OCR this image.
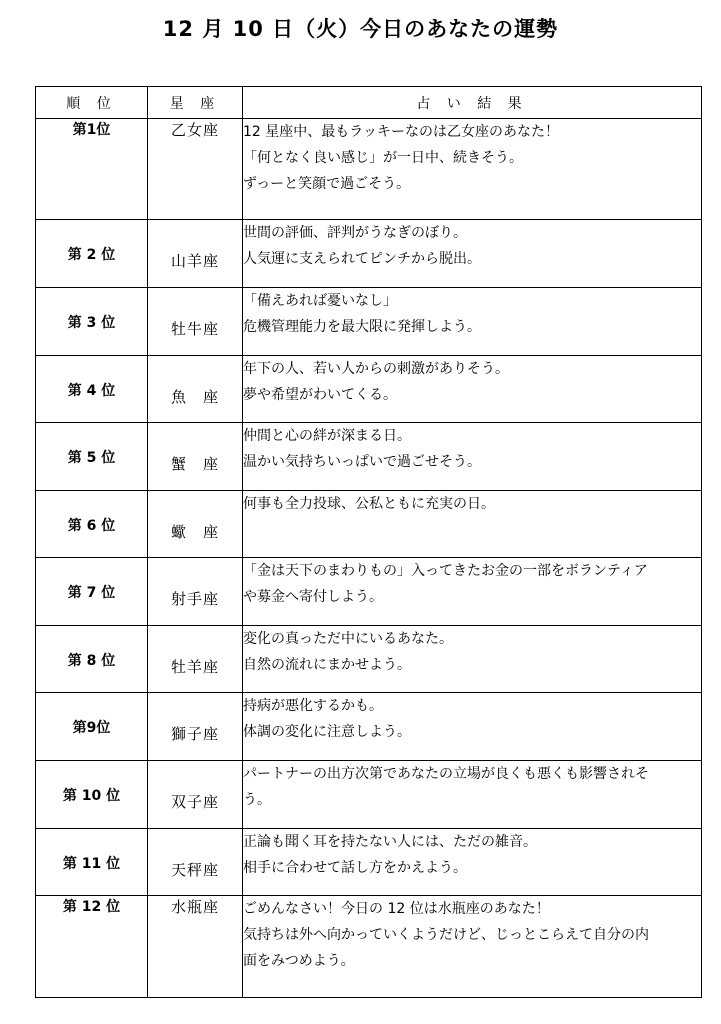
12 月 10 日（火）今日のあなたの運勢
順 位	星 座	占 い 結 果
第1位	乙女座	12 星座中、最もラッキーなのは乙女座のあなた！
「何となく良い感じ」が一日中、続きそう。
ずっーと笑顔で過ごそう。

第 2 位	山羊座	世間の評価、評判がうなぎのぼり。
人気運に支えられてピンチから脱出。

第 3 位	牡牛座	「備えあれば憂いなし」
危機管理能力を最大限に発揮しよう。

第 4 位	魚　座	年下の人、若い人からの刺激がありそう。
夢や希望がわいてくる。

第 5 位	蟹　座	仲間と心の絆が深まる日。
温かい気持ちいっぱいで過ごせそう。

第 6 位	蠍　座	何事も全力投球、公私ともに充実の日。

第 7 位	射手座	「金は天下のまわりもの」入ってきたお金の一部をボランティア
や募金へ寄付しよう。

第 8 位	牡羊座	変化の真っただ中にいるあなた。
自然の流れにまかせよう。

第9位	獅子座	持病が悪化するかも。
体調の変化に注意しよう。

第 10 位	双子座	パートナーの出方次第であなたの立場が良くも悪くも影響されそ
う。

第 11 位	天秤座	正論も聞く耳を持たない人には、ただの雑音。
相手に合わせて話し方をかえよう。

第 12 位	水瓶座	ごめんなさい！今日の 12 位は水瓶座のあなた！
気持ちは外へ向かっていくようだけど、じっとこらえて自分の内
面をみつめよう。
